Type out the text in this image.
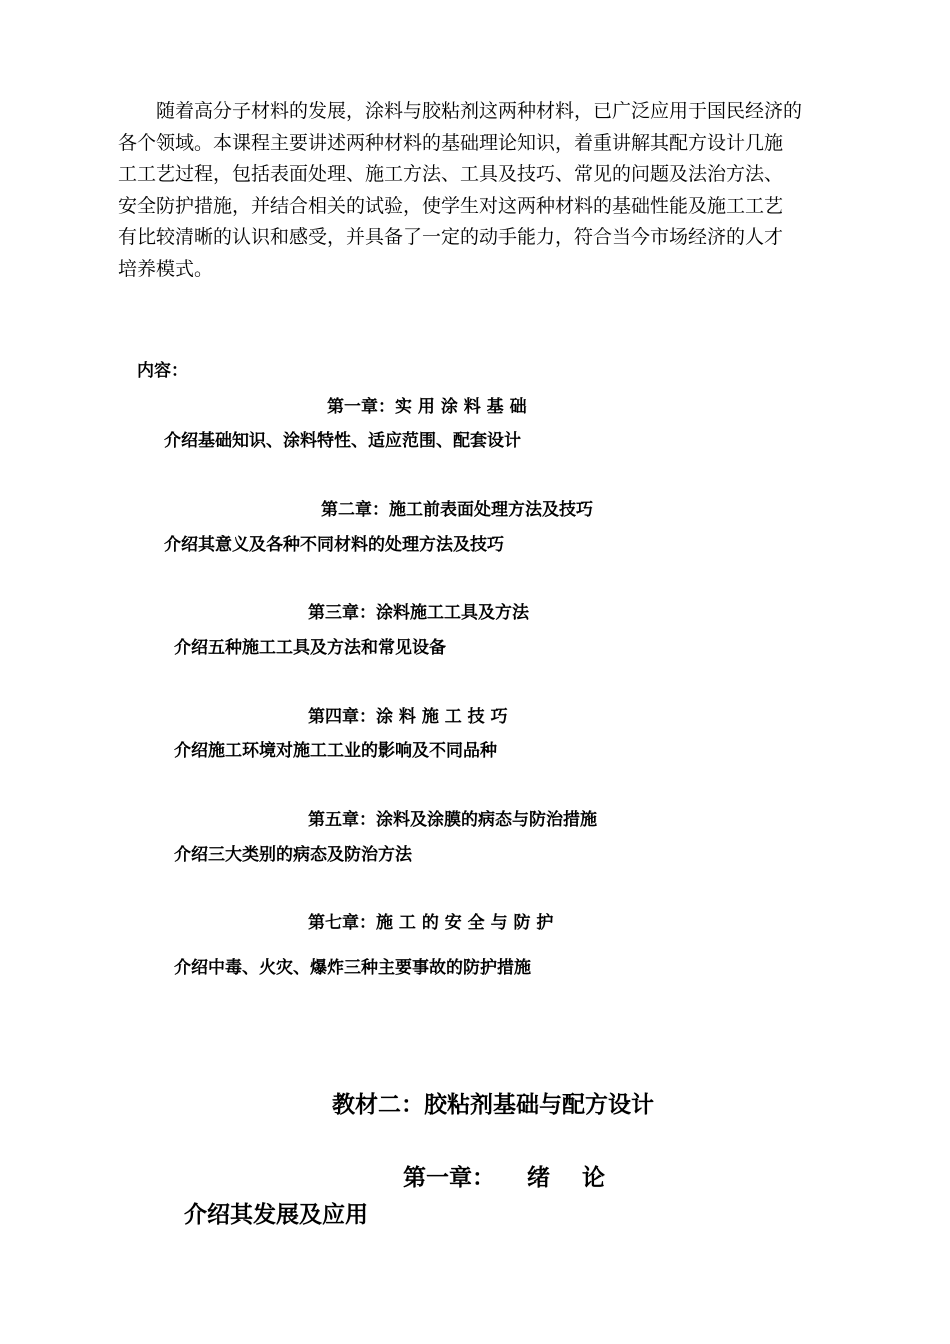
随着高分子材料的发展，涂料与胶粘剂这两种材料，已广泛应用于国民经济的
各个领域。本课程主要讲述两种材料的基础理论知识，着重讲解其配方设计几施
工工艺过程，包括表面处理、施工方法、工具及技巧、常见的问题及法治方法、
安全防护措施，并结合相关的试验，使学生对这两种材料的基础性能及施工工艺
有比较清晰的认识和感受，并具备了一定的动手能力，符合当今市场经济的人才
培养模式。

内容：

第一章：实 用 涂 料 基 础

介绍基础知识、涂料特性、适应范围、配套设计

第二章：施工前表面处理方法及技巧

介绍其意义及各种不同材料的处理方法及技巧

第三章：涂料施工工具及方法

介绍五种施工工具及方法和常见设备

第四章：涂 料 施 工 技 巧

介绍施工环境对施工工业的影响及不同品种

第五章：涂料及涂膜的病态与防治措施

介绍三大类别的病态及防治方法

第七章：施 工 的 安 全 与 防 护

介绍中毒、火灾、爆炸三种主要事故的防护措施

教材二：胶粘剂基础与配方设计

第一章：    绪    论

介绍其发展及应用
